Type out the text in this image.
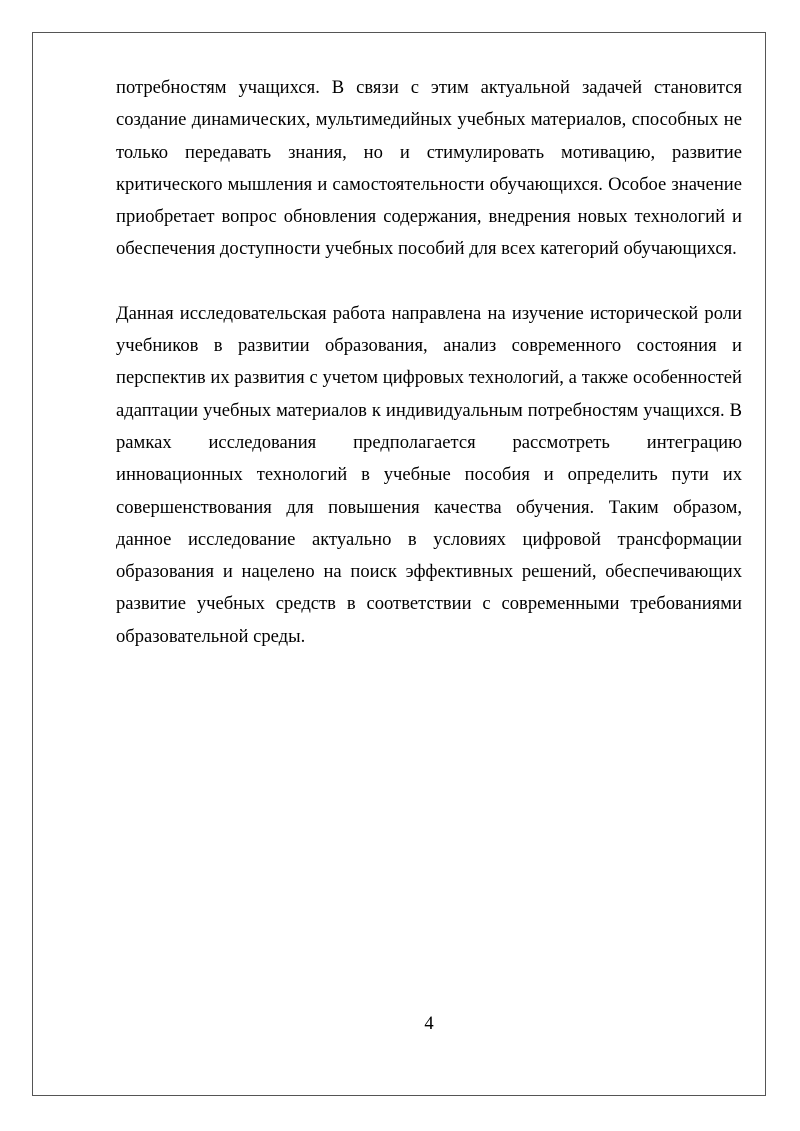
потребностям учащихся. В связи с этим актуальной задачей становится создание динамических, мультимедийных учебных материалов, способных не только передавать знания, но и стимулировать мотивацию, развитие критического мышления и самостоятельности обучающихся. Особое значение приобретает вопрос обновления содержания, внедрения новых технологий и обеспечения доступности учебных пособий для всех категорий обучающихся.

Данная исследовательская работа направлена на изучение исторической роли учебников в развитии образования, анализ современного состояния и перспектив их развития с учетом цифровых технологий, а также особенностей адаптации учебных материалов к индивидуальным потребностям учащихся. В рамках исследования предполагается рассмотреть интеграцию инновационных технологий в учебные пособия и определить пути их совершенствования для повышения качества обучения. Таким образом, данное исследование актуально в условиях цифровой трансформации образования и нацелено на поиск эффективных решений, обеспечивающих развитие учебных средств в соответствии с современными требованиями образовательной среды.

4
